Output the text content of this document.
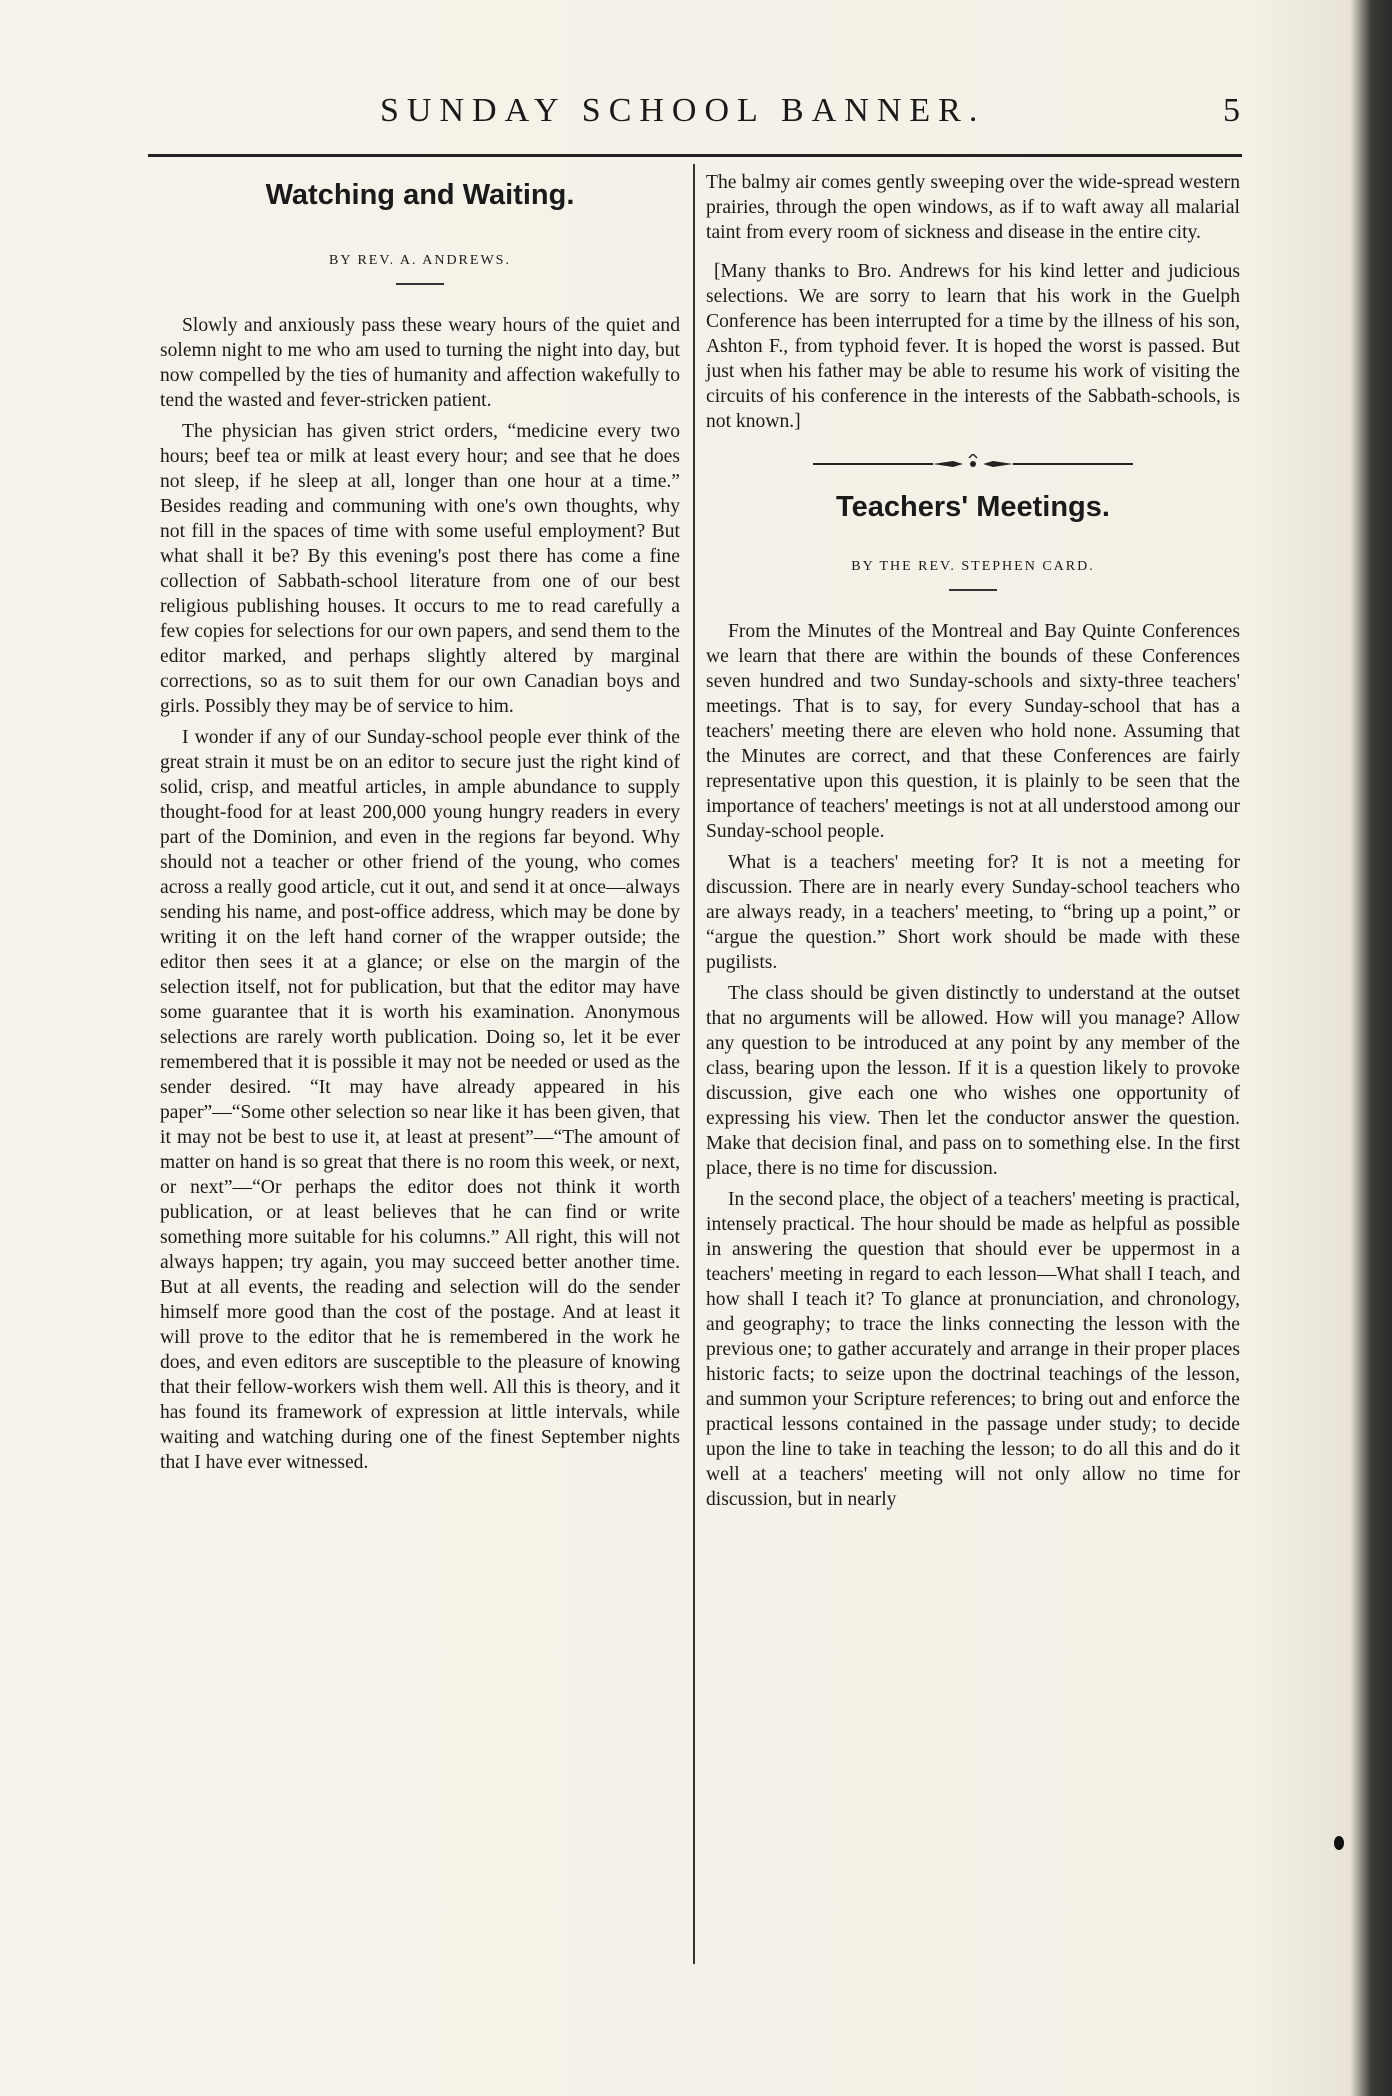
SUNDAY SCHOOL BANNER.	5
Watching and Waiting.
BY REV. A. ANDREWS.

Slowly and anxiously pass these weary hours of the quiet and solemn night to me who am used to turning the night into day, but now compelled by the ties of humanity and affection wakefully to tend the wasted and fever-stricken patient.

The physician has given strict orders, “medicine every two hours; beef tea or milk at least every hour; and see that he does not sleep, if he sleep at all, longer than one hour at a time.” Besides reading and communing with one's own thoughts, why not fill in the spaces of time with some useful employment? But what shall it be? By this evening's post there has come a fine collection of Sabbath-school literature from one of our best religious publishing houses. It occurs to me to read carefully a few copies for selections for our own papers, and send them to the editor marked, and perhaps slightly altered by marginal corrections, so as to suit them for our own Canadian boys and girls. Possibly they may be of service to him.

I wonder if any of our Sunday-school people ever think of the great strain it must be on an editor to secure just the right kind of solid, crisp, and meatful articles, in ample abundance to supply thought-food for at least 200,000 young hungry readers in every part of the Dominion, and even in the regions far beyond. Why should not a teacher or other friend of the young, who comes across a really good article, cut it out, and send it at once—always sending his name, and post-office address, which may be done by writing it on the left hand corner of the wrapper outside; the editor then sees it at a glance; or else on the margin of the selection itself, not for publication, but that the editor may have some guarantee that it is worth his examination. Anonymous selections are rarely worth publication. Doing so, let it be ever remembered that it is possible it may not be needed or used as the sender desired. “It may have already appeared in his paper”—“Some other selection so near like it has been given, that it may not be best to use it, at least at present”—“The amount of matter on hand is so great that there is no room this week, or next, or next”—“Or perhaps the editor does not think it worth publication, or at least believes that he can find or write something more suitable for his columns.” All right, this will not always happen; try again, you may succeed better another time. But at all events, the reading and selection will do the sender himself more good than the cost of the postage. And at least it will prove to the editor that he is remembered in the work he does, and even editors are susceptible to the pleasure of knowing that their fellow-workers wish them well. All this is theory, and it has found its framework of expression at little intervals, while waiting and watching during one of the finest September nights that I have ever witnessed.

The balmy air comes gently sweeping over the wide-spread western prairies, through the open windows, as if to waft away all malarial taint from every room of sickness and disease in the entire city.

[Many thanks to Bro. Andrews for his kind letter and judicious selections. We are sorry to learn that his work in the Guelph Conference has been interrupted for a time by the illness of his son, Ashton F., from typhoid fever. It is hoped the worst is passed. But just when his father may be able to resume his work of visiting the circuits of his conference in the interests of the Sabbath-schools, is not known.]

Teachers' Meetings.
BY THE REV. STEPHEN CARD.

From the Minutes of the Montreal and Bay Quinte Conferences we learn that there are within the bounds of these Conferences seven hundred and two Sunday-schools and sixty-three teachers' meetings. That is to say, for every Sunday-school that has a teachers' meeting there are eleven who hold none. Assuming that the Minutes are correct, and that these Conferences are fairly representative upon this question, it is plainly to be seen that the importance of teachers' meetings is not at all understood among our Sunday-school people.

What is a teachers' meeting for? It is not a meeting for discussion. There are in nearly every Sunday-school teachers who are always ready, in a teachers' meeting, to “bring up a point,” or “argue the question.” Short work should be made with these pugilists.

The class should be given distinctly to understand at the outset that no arguments will be allowed. How will you manage? Allow any question to be introduced at any point by any member of the class, bearing upon the lesson. If it is a question likely to provoke discussion, give each one who wishes one opportunity of expressing his view. Then let the conductor answer the question. Make that decision final, and pass on to something else. In the first place, there is no time for discussion.

In the second place, the object of a teachers' meeting is practical, intensely practical. The hour should be made as helpful as possible in answering the question that should ever be uppermost in a teachers' meeting in regard to each lesson—What shall I teach, and how shall I teach it? To glance at pronunciation, and chronology, and geography; to trace the links connecting the lesson with the previous one; to gather accurately and arrange in their proper places historic facts; to seize upon the doctrinal teachings of the lesson, and summon your Scripture references; to bring out and enforce the practical lessons contained in the passage under study; to decide upon the line to take in teaching the lesson; to do all this and do it well at a teachers' meeting will not only allow no time for discussion, but in nearly
